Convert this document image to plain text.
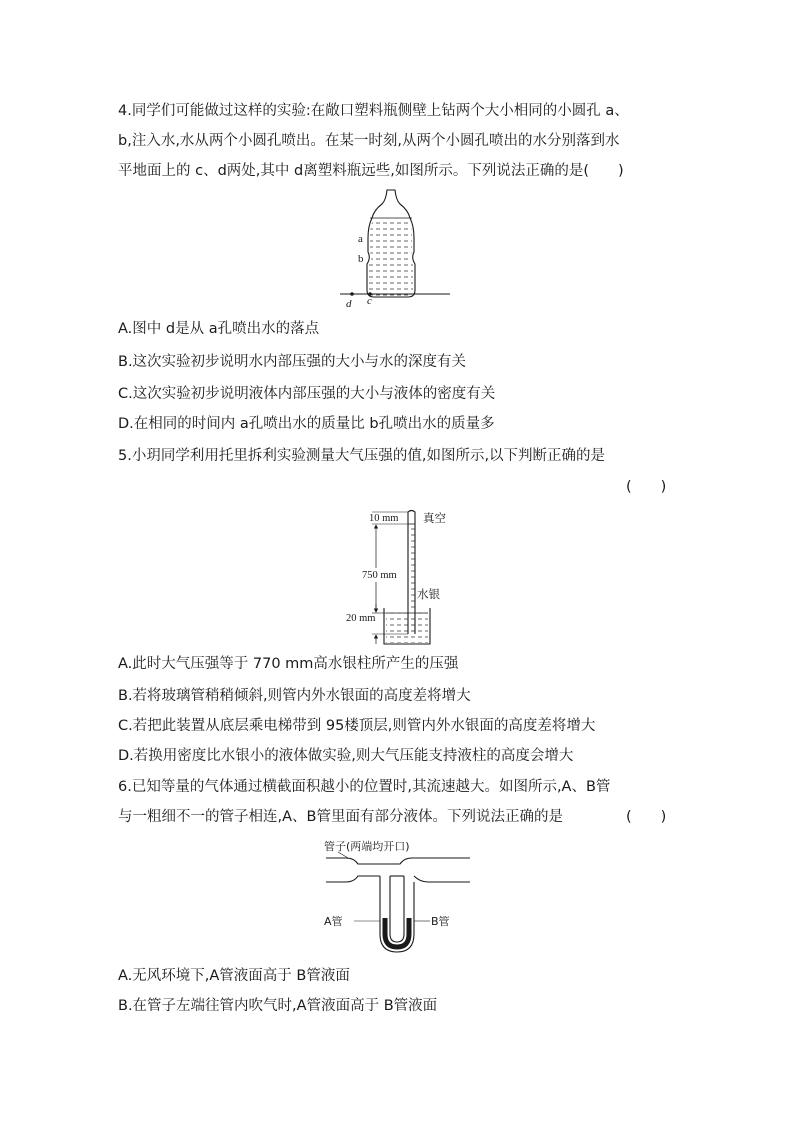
4.同学们可能做过这样的实验:在敞口塑料瓶侧壁上钻两个大小相同的小圆孔 a、
b,注入水,水从两个小圆孔喷出。在某一时刻,从两个小圆孔喷出的水分别落到水
平地面上的 c、d两处,其中 d离塑料瓶远些,如图所示。下列说法正确的是(　　)
a
b
d c
A.图中 d是从 a孔喷出水的落点
B.这次实验初步说明水内部压强的大小与水的深度有关
C.这次实验初步说明液体内部压强的大小与液体的密度有关
D.在相同的时间内 a孔喷出水的质量比 b孔喷出水的质量多
5.小玥同学利用托里拆利实验测量大气压强的值,如图所示,以下判断正确的是
(　　)
10 mm
750 mm
20 mm
真空
水银
A.此时大气压强等于 770 mm高水银柱所产生的压强
B.若将玻璃管稍稍倾斜,则管内外水银面的高度差将增大
C.若把此装置从底层乘电梯带到 95楼顶层,则管内外水银面的高度差将增大
D.若换用密度比水银小的液体做实验,则大气压能支持液柱的高度会增大
6.已知等量的气体通过横截面积越小的位置时,其流速越大。如图所示,A、B管
与一粗细不一的管子相连,A、B管里面有部分液体。下列说法正确的是	(　　)
管子(两端均开口)
A管	B管
A.无风环境下,A管液面高于 B管液面
B.在管子左端往管内吹气时,A管液面高于 B管液面
